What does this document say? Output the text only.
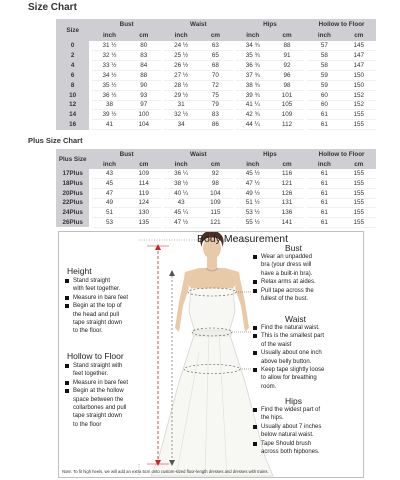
Size Chart
Size		Bust			Waist			Hips			Hollow to Floor	
		inch	cm		inch	cm		inch	cm		inch	cm
0		31 ½	80		24 ½	63		34 ¾	88		57	145
2		32 ½	83		25 ½	65		35 ¾	91		58	147
4		33 ½	84		26 ½	68		36 ¾	92		58	147
6		34 ½	88		27 ½	70		37 ¾	96		59	150
8		35 ½	90		28 ½	72		38 ¾	98		59	150
10		36 ½	93		29 ½	75		39 ¾	101		60	152
12		38	97		31	79		41 ¼	105		60	152
14		39 ½	100		32 ½	83		42 ¾	109		61	155
16		41	104		34	86		44 ¼	112		61	155
Plus Size Chart
Plus Size		Bust			Waist			Hips			Hollow to Floor	
		inch	cm		inch	cm		inch	cm		inch	cm
17Plus		43	109		36 ¼	92		45 ½	116		61	155
18Plus		45	114		38 ½	98		47 ½	121		61	155
20Plus		47	119		40 ¼	104		49 ½	126		61	155
22Plus		49	124		43	109		51 ½	131		61	155
24Plus		51	130		45 ¼	115		53 ½	136		61	155
26Plus		53	135		47 ½	121		55 ½	141		61	155
Body Measurement
Height
Stand straight
with feet together.
Measure in bare feet
Begin at the top of
the head and pull
tape straight down
to the floor.
Hollow to Floor
Stand straight with
feet together.
Measure in bare feet
Begin at the hollow
space between the
collarbones and pull
tape straight down
to the floor
Bust
Wear an unpadded
bra (your dress will
have a built-in bra).
Relax arms at aides.
Pull tape across the
fullest of the bust.
Waist
Find the natural waist.
This is the smallest part
of the waist
Usually about one inch
above belly button.
Keep tape slightly loose
to allow for breathing
room.
Hips
Find the widest part of
the hips.
Usually about 7 inches
below natural waist.
Tape Should brush
across both hipbones.
Note: To fit high heels, we will add an extra 5cm onto custom-sized floor-length dresses and dresses with trains.
